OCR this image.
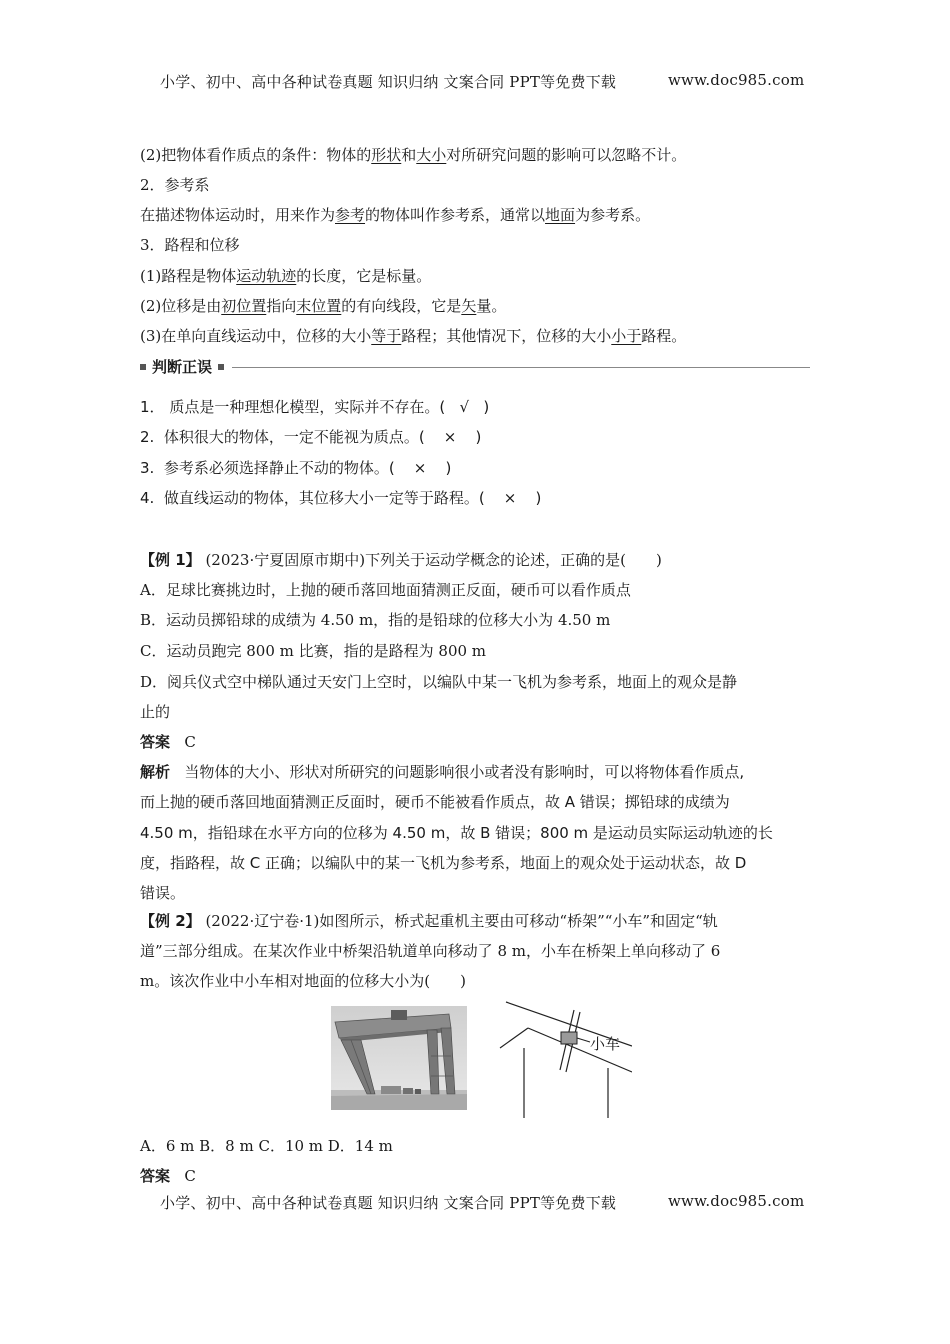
小学、初中、高中各种试卷真题 知识归纳 文案合同 PPT等免费下载	www.doc985.com
(2)把物体看作质点的条件：物体的形状和大小对所研究问题的影响可以忽略不计。
2．参考系
在描述物体运动时，用来作为参考的物体叫作参考系，通常以地面为参考系。
3．路程和位移
(1)路程是物体运动轨迹的长度，它是标量。
(2)位移是由初位置指向末位置的有向线段，它是矢量。
(3)在单向直线运动中，位移的大小等于路程；其他情况下，位移的大小小于路程。
判断正误
1． 质点是一种理想化模型，实际并不存在。( √ )
2. 体积很大的物体，一定不能视为质点。( × )
3. 参考系必须选择静止不动的物体。( × )
4. 做直线运动的物体，其位移大小一定等于路程。( × )
【例 1】 (2023·宁夏固原市期中)下列关于运动学概念的论述，正确的是(　　)
A．足球比赛挑边时，上抛的硬币落回地面猜测正反面，硬币可以看作质点
B．运动员掷铅球的成绩为 4.50 m，指的是铅球的位移大小为 4.50 m
C．运动员跑完 800 m 比赛，指的是路程为 800 m
D．阅兵仪式空中梯队通过天安门上空时，以编队中某一飞机为参考系，地面上的观众是静
止的
答案 C
解析 当物体的大小、形状对所研究的问题影响很小或者没有影响时，可以将物体看作质点,
而上抛的硬币落回地面猜测正反面时，硬币不能被看作质点，故 A 错误；掷铅球的成绩为
4.50 m，指铅球在水平方向的位移为 4.50 m，故 B 错误；800 m 是运动员实际运动轨迹的长
度，指路程，故 C 正确；以编队中的某一飞机为参考系，地面上的观众处于运动状态，故 D
错误。
【例 2】 (2022·辽宁卷·1)如图所示，桥式起重机主要由可移动“桥架”“小车”和固定“轨
道”三部分组成。在某次作业中桥架沿轨道单向移动了 8 m，小车在桥架上单向移动了 6
m。该次作业中小车相对地面的位移大小为(　　)
小车
A．6 m B．8 m C．10 m D．14 m
答案 C
小学、初中、高中各种试卷真题 知识归纳 文案合同 PPT等免费下载	www.doc985.com
